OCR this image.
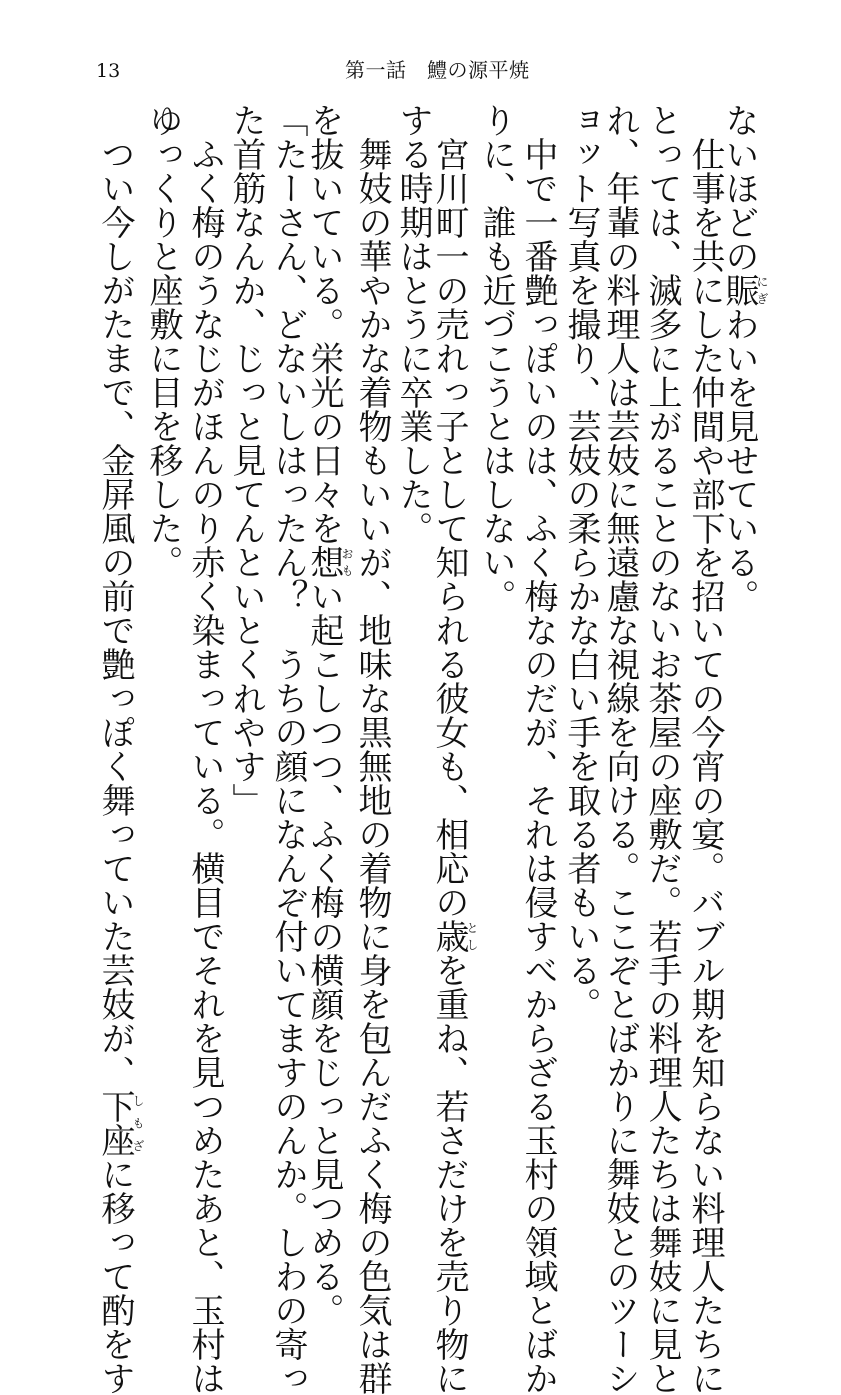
13	第一話　鱧の源平焼
ないほどの賑にぎわいを見せている。
　仕事を共にした仲間や部下を招いての今宵の宴。バブル期を知らない料理人たちに
とっては、滅多に上がることのないお茶屋の座敷だ。若手の料理人たちは舞妓に見と
れ、年輩の料理人は芸妓に無遠慮な視線を向ける。ここぞとばかりに舞妓とのツーシ
ョット写真を撮り、芸妓の柔らかな白い手を取る者もいる。
　中で一番艶っぽいのは、ふく梅なのだが、それは侵すべからざる玉村の領域とばか
りに、誰も近づこうとはしない。
　宮川町一の売れっ子として知られる彼女も、相応の歳としを重ね、若さだけを売り物に
する時期はとうに卒業した。
　舞妓の華やかな着物もいいが、地味な黒無地の着物に身を包んだふく梅の色気は群
を抜いている。栄光の日々を想おもい起こしつつ、ふく梅の横顔をじっと見つめる。
「たーさん、どないしはったん？　うちの顔になんぞ付いてますのんか。しわの寄っ
た首筋なんか、じっと見てんといとくれやす」
　ふく梅のうなじがほんのり赤く染まっている。横目でそれを見つめたあと、玉村は
ゆっくりと座敷に目を移した。
　つい今しがたまで、金屏風の前で艶っぽく舞っていた芸妓が、下座しもざに移って酌をす
